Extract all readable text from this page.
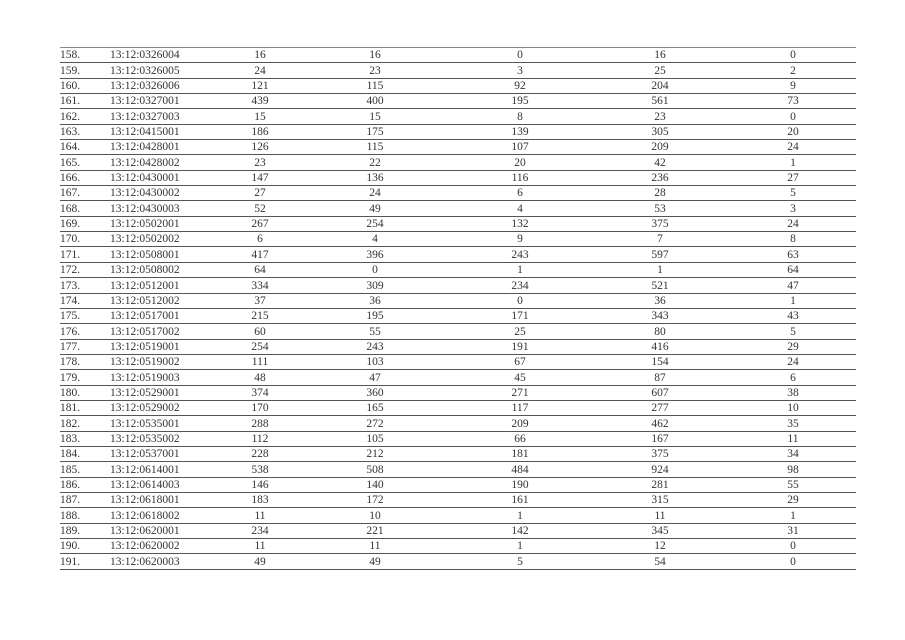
158.	13:12:0326004	16	16	0	16	0
159.	13:12:0326005	24	23	3	25	2
160.	13:12:0326006	121	115	92	204	9
161.	13:12:0327001	439	400	195	561	73
162.	13:12:0327003	15	15	8	23	0
163.	13:12:0415001	186	175	139	305	20
164.	13:12:0428001	126	115	107	209	24
165.	13:12:0428002	23	22	20	42	1
166.	13:12:0430001	147	136	116	236	27
167.	13:12:0430002	27	24	6	28	5
168.	13:12:0430003	52	49	4	53	3
169.	13:12:0502001	267	254	132	375	24
170.	13:12:0502002	6	4	9	7	8
171.	13:12:0508001	417	396	243	597	63
172.	13:12:0508002	64	0	1	1	64
173.	13:12:0512001	334	309	234	521	47
174.	13:12:0512002	37	36	0	36	1
175.	13:12:0517001	215	195	171	343	43
176.	13:12:0517002	60	55	25	80	5
177.	13:12:0519001	254	243	191	416	29
178.	13:12:0519002	111	103	67	154	24
179.	13:12:0519003	48	47	45	87	6
180.	13:12:0529001	374	360	271	607	38
181.	13:12:0529002	170	165	117	277	10
182.	13:12:0535001	288	272	209	462	35
183.	13:12:0535002	112	105	66	167	11
184.	13:12:0537001	228	212	181	375	34
185.	13:12:0614001	538	508	484	924	98
186.	13:12:0614003	146	140	190	281	55
187.	13:12:0618001	183	172	161	315	29
188.	13:12:0618002	11	10	1	11	1
189.	13:12:0620001	234	221	142	345	31
190.	13:12:0620002	11	11	1	12	0
191.	13:12:0620003	49	49	5	54	0
